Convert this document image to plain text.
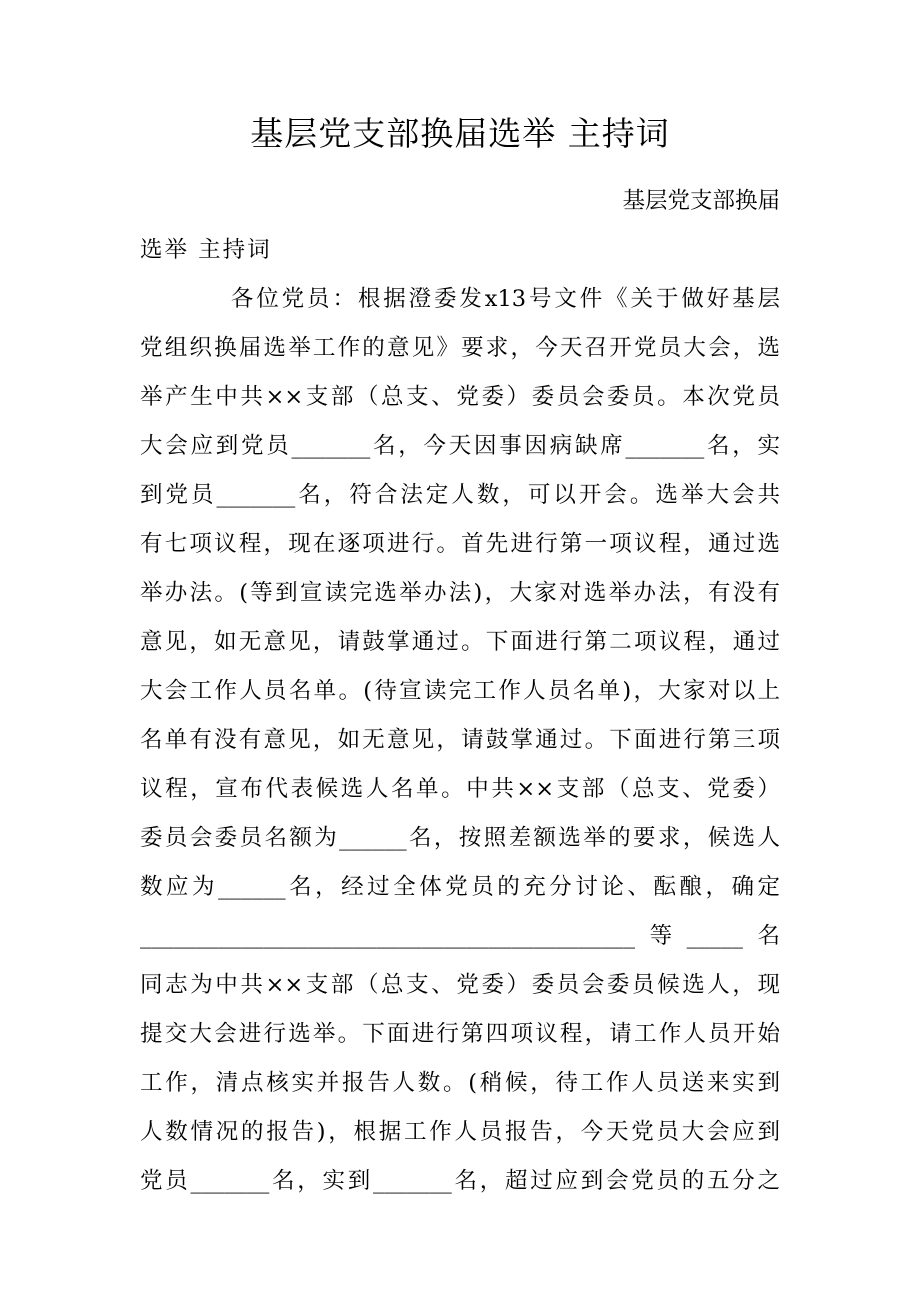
基层党支部换届选举 主持词
基层党支部换届
选举 主持词
各位党员：根据澄委发x13号文件《关于做好基层
党组织换届选举工作的意见》要求，今天召开党员大会，选
举产生中共××支部（总支、党委）委员会委员。本次党员
大会应到党员_______名，今天因事因病缺席_______名，实
到党员_______名，符合法定人数，可以开会。选举大会共
有七项议程，现在逐项进行。首先进行第一项议程，通过选
举办法。(等到宣读完选举办法)，大家对选举办法，有没有
意见，如无意见，请鼓掌通过。下面进行第二项议程，通过
大会工作人员名单。(待宣读完工作人员名单)，大家对以上
名单有没有意见，如无意见，请鼓掌通过。下面进行第三项
议程，宣布代表候选人名单。中共××支部（总支、党委）
委员会委员名额为______名，按照差额选举的要求，候选人
数应为______名，经过全体党员的充分讨论、酝酿，确定
____________________________________________等_____名
同志为中共××支部（总支、党委）委员会委员候选人，现
提交大会进行选举。下面进行第四项议程，请工作人员开始
工作，清点核实并报告人数。(稍候，待工作人员送来实到
人数情况的报告)，根据工作人员报告，今天党员大会应到
党员_______名，实到_______名，超过应到会党员的五分之
